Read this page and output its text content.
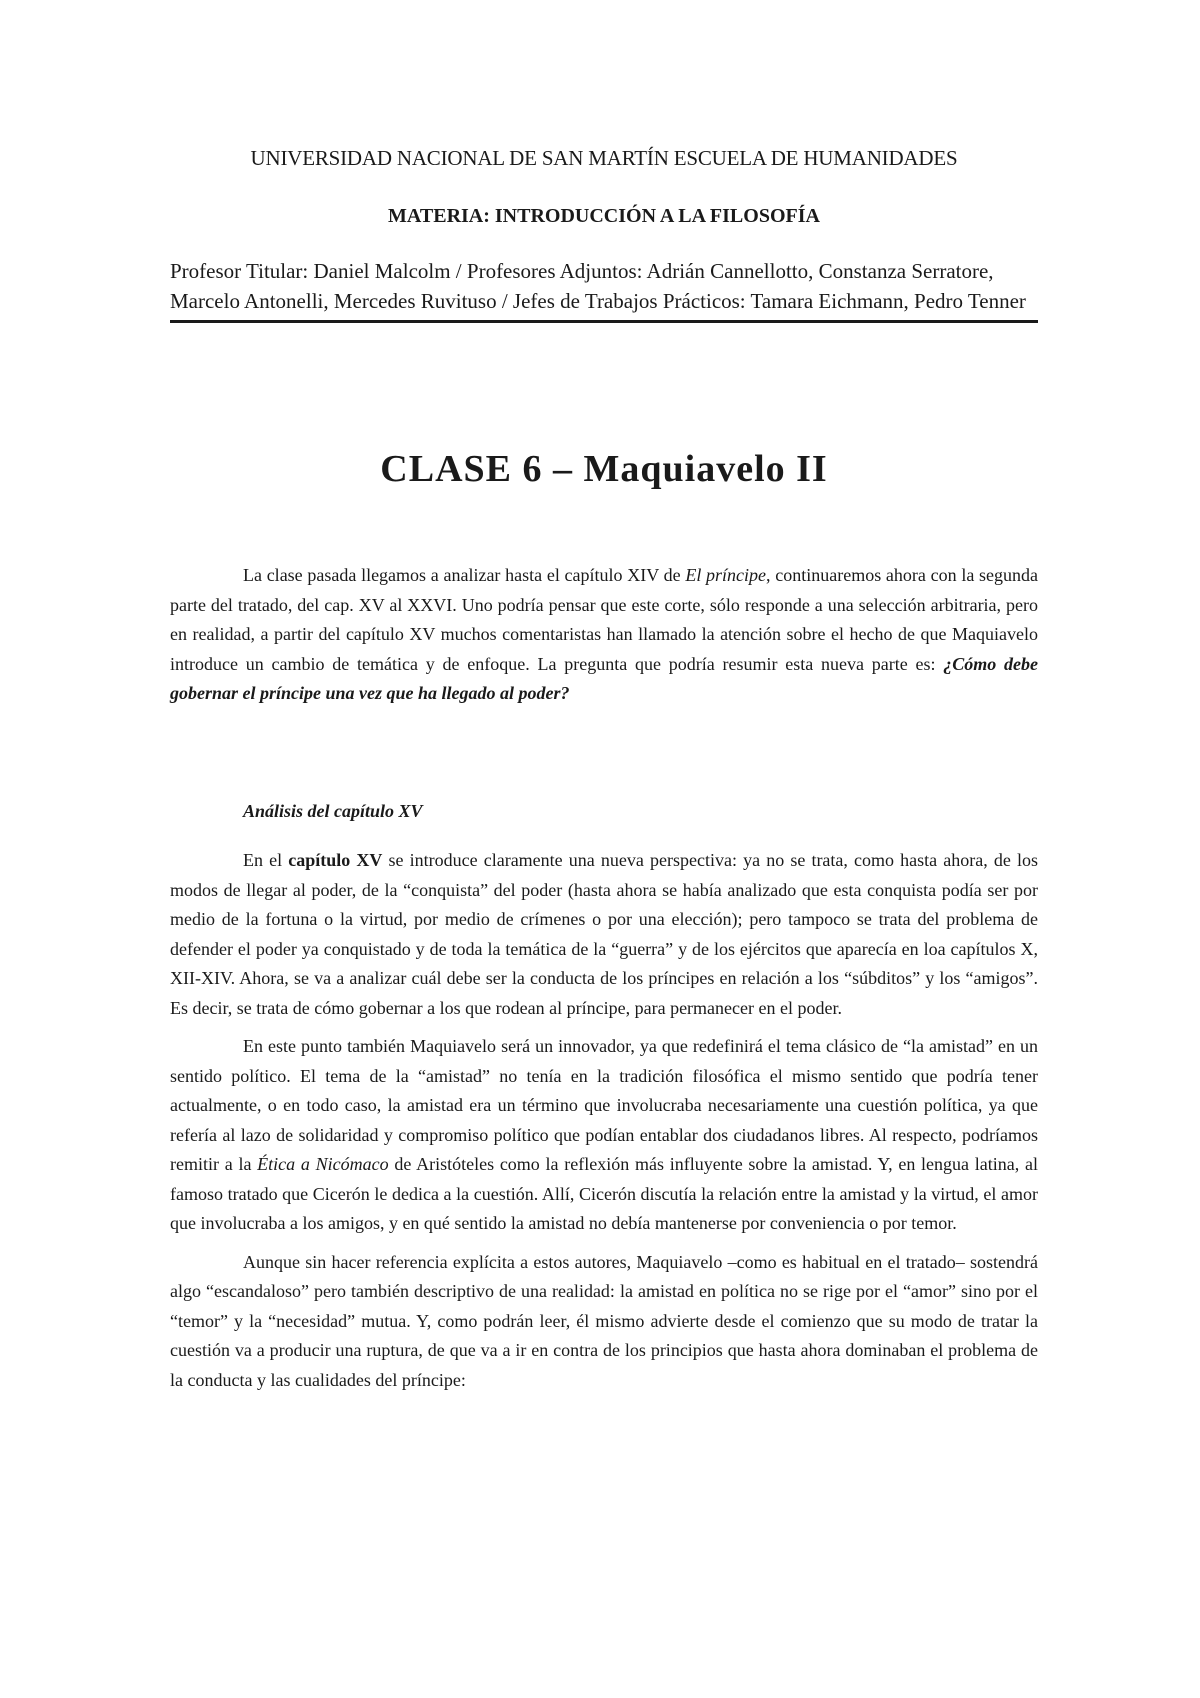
UNIVERSIDAD NACIONAL DE SAN MARTÍN ESCUELA DE HUMANIDADES
MATERIA: INTRODUCCIÓN A LA FILOSOFÍA
Profesor Titular: Daniel Malcolm / Profesores Adjuntos: Adrián Cannellotto, Constanza Serratore, Marcelo Antonelli, Mercedes Ruvituso / Jefes de Trabajos Prácticos: Tamara Eichmann, Pedro Tenner
CLASE 6 – Maquiavelo II

La clase pasada llegamos a analizar hasta el capítulo XIV de El príncipe, continuaremos ahora con la segunda parte del tratado, del cap. XV al XXVI. Uno podría pensar que este corte, sólo responde a una selección arbitraria, pero en realidad, a partir del capítulo XV muchos comentaristas han llamado la atención sobre el hecho de que Maquiavelo introduce un cambio de temática y de enfoque. La pregunta que podría resumir esta nueva parte es: ¿Cómo debe gobernar el príncipe una vez que ha llegado al poder?

Análisis del capítulo XV

En el capítulo XV se introduce claramente una nueva perspectiva: ya no se trata, como hasta ahora, de los modos de llegar al poder, de la “conquista” del poder (hasta ahora se había analizado que esta conquista podía ser por medio de la fortuna o la virtud, por medio de crímenes o por una elección); pero tampoco se trata del problema de defender el poder ya conquistado y de toda la temática de la “guerra” y de los ejércitos que aparecía en loa capítulos X, XII-XIV. Ahora, se va a analizar cuál debe ser la conducta de los príncipes en relación a los “súbditos” y los “amigos”. Es decir, se trata de cómo gobernar a los que rodean al príncipe, para permanecer en el poder.

En este punto también Maquiavelo será un innovador, ya que redefinirá el tema clásico de “la amistad” en un sentido político. El tema de la “amistad” no tenía en la tradición filosófica el mismo sentido que podría tener actualmente, o en todo caso, la amistad era un término que involucraba necesariamente una cuestión política, ya que refería al lazo de solidaridad y compromiso político que podían entablar dos ciudadanos libres. Al respecto, podríamos remitir a la Ética a Nicómaco de Aristóteles como la reflexión más influyente sobre la amistad. Y, en lengua latina, al famoso tratado que Cicerón le dedica a la cuestión. Allí, Cicerón discutía la relación entre la amistad y la virtud, el amor que involucraba a los amigos, y en qué sentido la amistad no debía mantenerse por conveniencia o por temor.

Aunque sin hacer referencia explícita a estos autores, Maquiavelo –como es habitual en el tratado– sostendrá algo “escandaloso” pero también descriptivo de una realidad: la amistad en política no se rige por el “amor” sino por el “temor” y la “necesidad” mutua. Y, como podrán leer, él mismo advierte desde el comienzo que su modo de tratar la cuestión va a producir una ruptura, de que va a ir en contra de los principios que hasta ahora dominaban el problema de la conducta y las cualidades del príncipe:
